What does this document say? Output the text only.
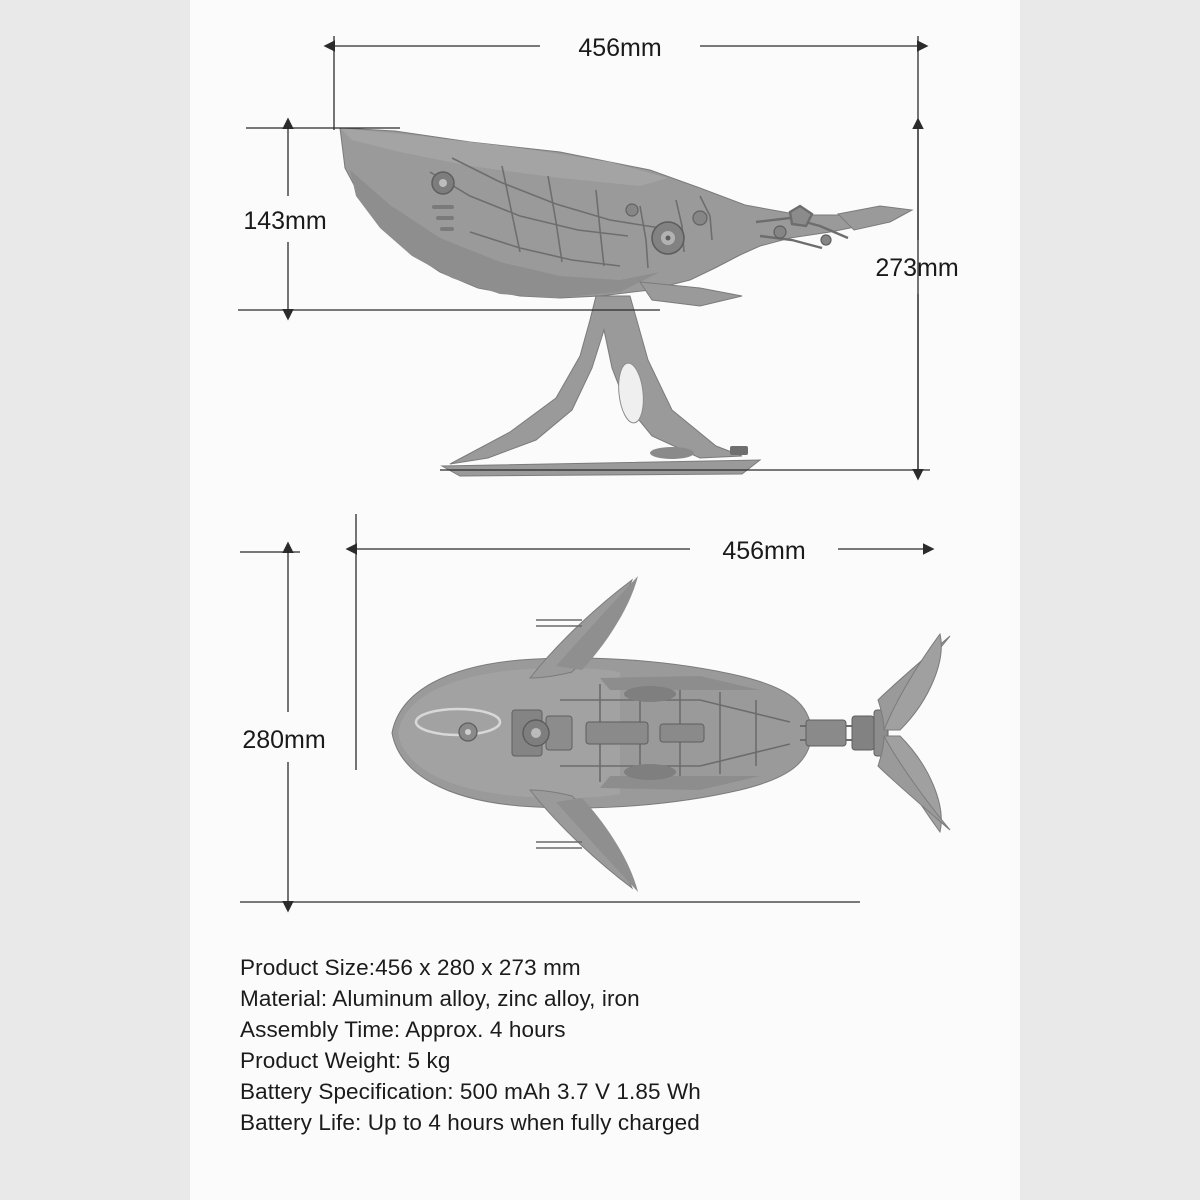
456mm
143mm
273mm
456mm
280mm
Product Size:456 x 280 x 273 mm
Material: Aluminum alloy, zinc alloy, iron
Assembly Time: Approx. 4 hours
Product Weight: 5 kg
Battery Specification: 500 mAh 3.7 V 1.85 Wh
Battery Life: Up to 4 hours when fully charged
